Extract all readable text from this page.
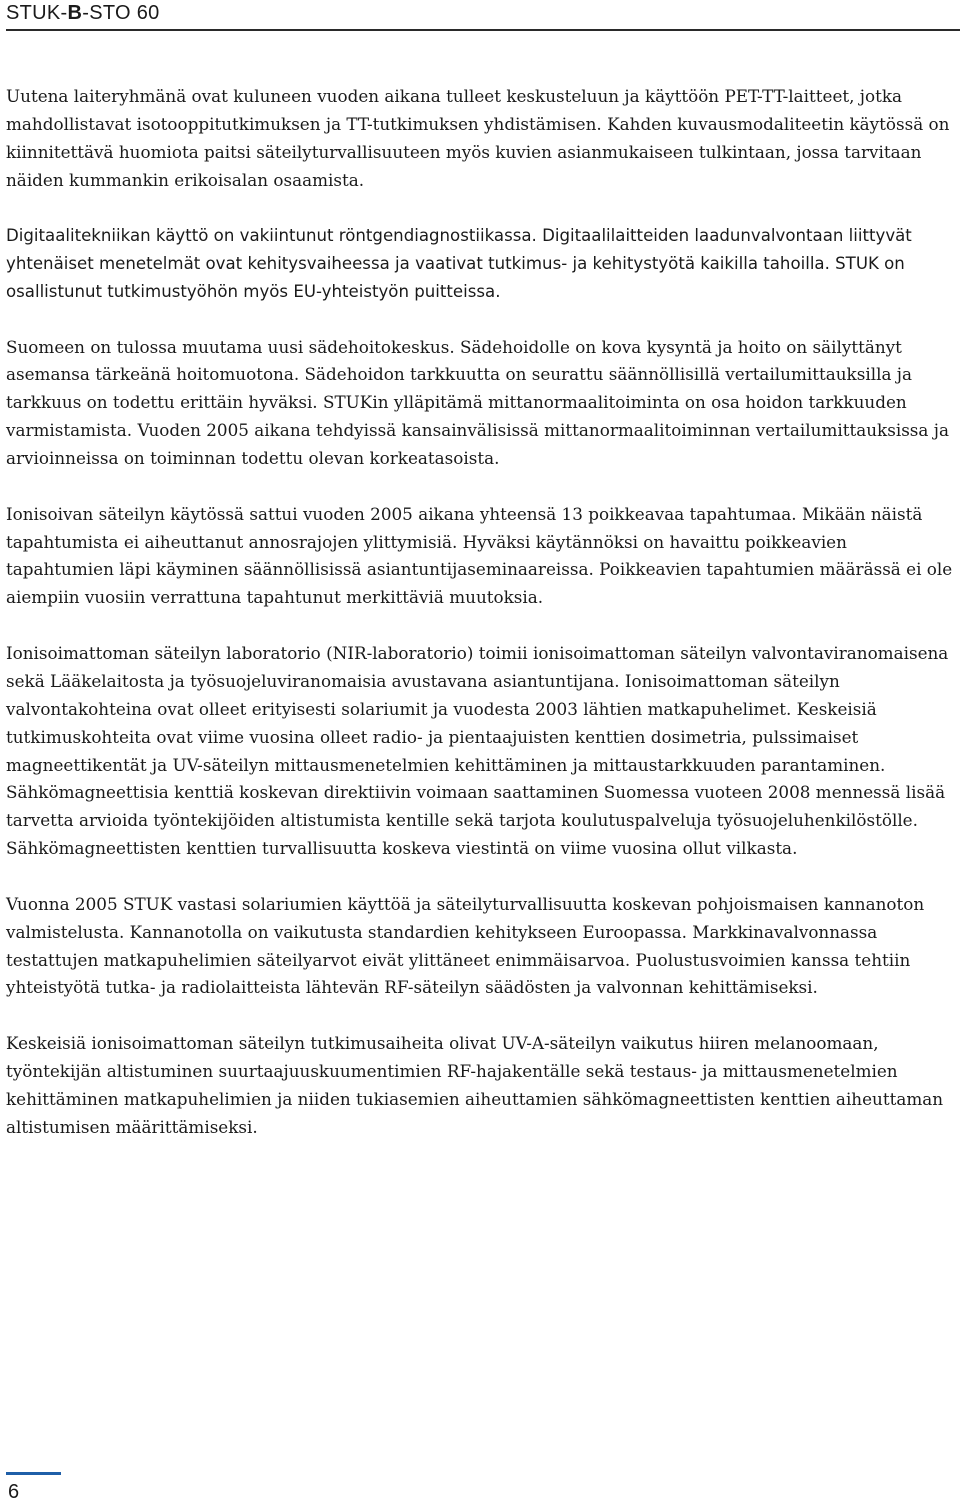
STUK-B-STO 60

Uutena laiteryhmänä ovat kuluneen vuoden aikana tulleet keskusteluun ja käyttöön PET-TT-laitteet, jotka mahdollistavat isotooppitutkimuksen ja TT-tutkimuksen yhdistämisen. Kahden kuvausmodaliteetin käytössä on kiinnitettävä huomiota paitsi säteilyturvallisuuteen myös kuvien asianmukaiseen tulkintaan, jossa tarvitaan näiden kummankin erikoisalan osaamista.

Digitaalitekniikan käyttö on vakiintunut röntgendiagnostiikassa. Digitaalilaitteiden laadunvalvontaan liittyvät yhtenäiset menetelmät ovat kehitysvaiheessa ja vaativat tutkimus- ja kehitystyötä kaikilla tahoilla. STUK on osallistunut tutkimustyöhön myös EU-yhteistyön puitteissa.

Suomeen on tulossa muutama uusi sädehoitokeskus. Sädehoidolle on kova kysyntä ja hoito on säilyttänyt asemansa tärkeänä hoitomuotona. Sädehoidon tarkkuutta on seurattu säännöllisillä vertailumittauksilla ja tarkkuus on todettu erittäin hyväksi. STUKin ylläpitämä mittanormaalitoiminta on osa hoidon tarkkuuden varmistamista. Vuoden 2005 aikana tehdyissä kansainvälisissä mittanormaalitoiminnan vertailumittauksissa ja arvioinneissa on toiminnan todettu olevan korkeatasoista.

Ionisoivan säteilyn käytössä sattui vuoden 2005 aikana yhteensä 13 poikkeavaa tapahtumaa. Mikään näistä tapahtumista ei aiheuttanut annosrajojen ylittymisiä. Hyväksi käytännöksi on havaittu poikkeavien tapahtumien läpi käyminen säännöllisissä asiantuntijaseminaareissa. Poikkeavien tapahtumien määrässä ei ole aiempiin vuosiin verrattuna tapahtunut merkittäviä muutoksia.

Ionisoimattoman säteilyn laboratorio (NIR-laboratorio) toimii ionisoimattoman säteilyn valvontaviranomaisena sekä Lääkelaitosta ja työsuojeluviranomaisia avustavana asiantuntijana. Ionisoimattoman säteilyn valvontakohteina ovat olleet erityisesti solariumit ja vuodesta 2003 lähtien matkapuhelimet. Keskeisiä tutkimuskohteita ovat viime vuosina olleet radio- ja pientaajuisten kenttien dosimetria, pulssimaiset magneettikentät ja UV-säteilyn mittausmenetelmien kehittäminen ja mittaustarkkuuden parantaminen. Sähkömagneettisia kenttiä koskevan direktiivin voimaan saattaminen Suomessa vuoteen 2008 mennessä lisää tarvetta arvioida työntekijöiden altistumista kentille sekä tarjota koulutuspalveluja työsuojeluhenkilöstölle. Sähkömagneettisten kenttien turvallisuutta koskeva viestintä on viime vuosina ollut vilkasta.

Vuonna 2005 STUK vastasi solariumien käyttöä ja säteilyturvallisuutta koskevan pohjoismaisen kannanoton valmistelusta. Kannanotolla on vaikutusta standardien kehitykseen Euroopassa. Markkinavalvonnassa testattujen matkapuhelimien säteilyarvot eivät ylittäneet enimmäisarvoa. Puolustusvoimien kanssa tehtiin yhteistyötä tutka- ja radiolaitteista lähtevän RF-säteilyn säädösten ja valvonnan kehittämiseksi.

Keskeisiä ionisoimattoman säteilyn tutkimusaiheita olivat UV-A-säteilyn vaikutus hiiren melanoomaan, työntekijän altistuminen suurtaajuuskuumentimien RF-hajakentälle sekä testaus- ja mittausmenetelmien kehittäminen matkapuhelimien ja niiden tukiasemien aiheuttamien sähkömagneettisten kenttien aiheuttaman altistumisen määrittämiseksi.

6
